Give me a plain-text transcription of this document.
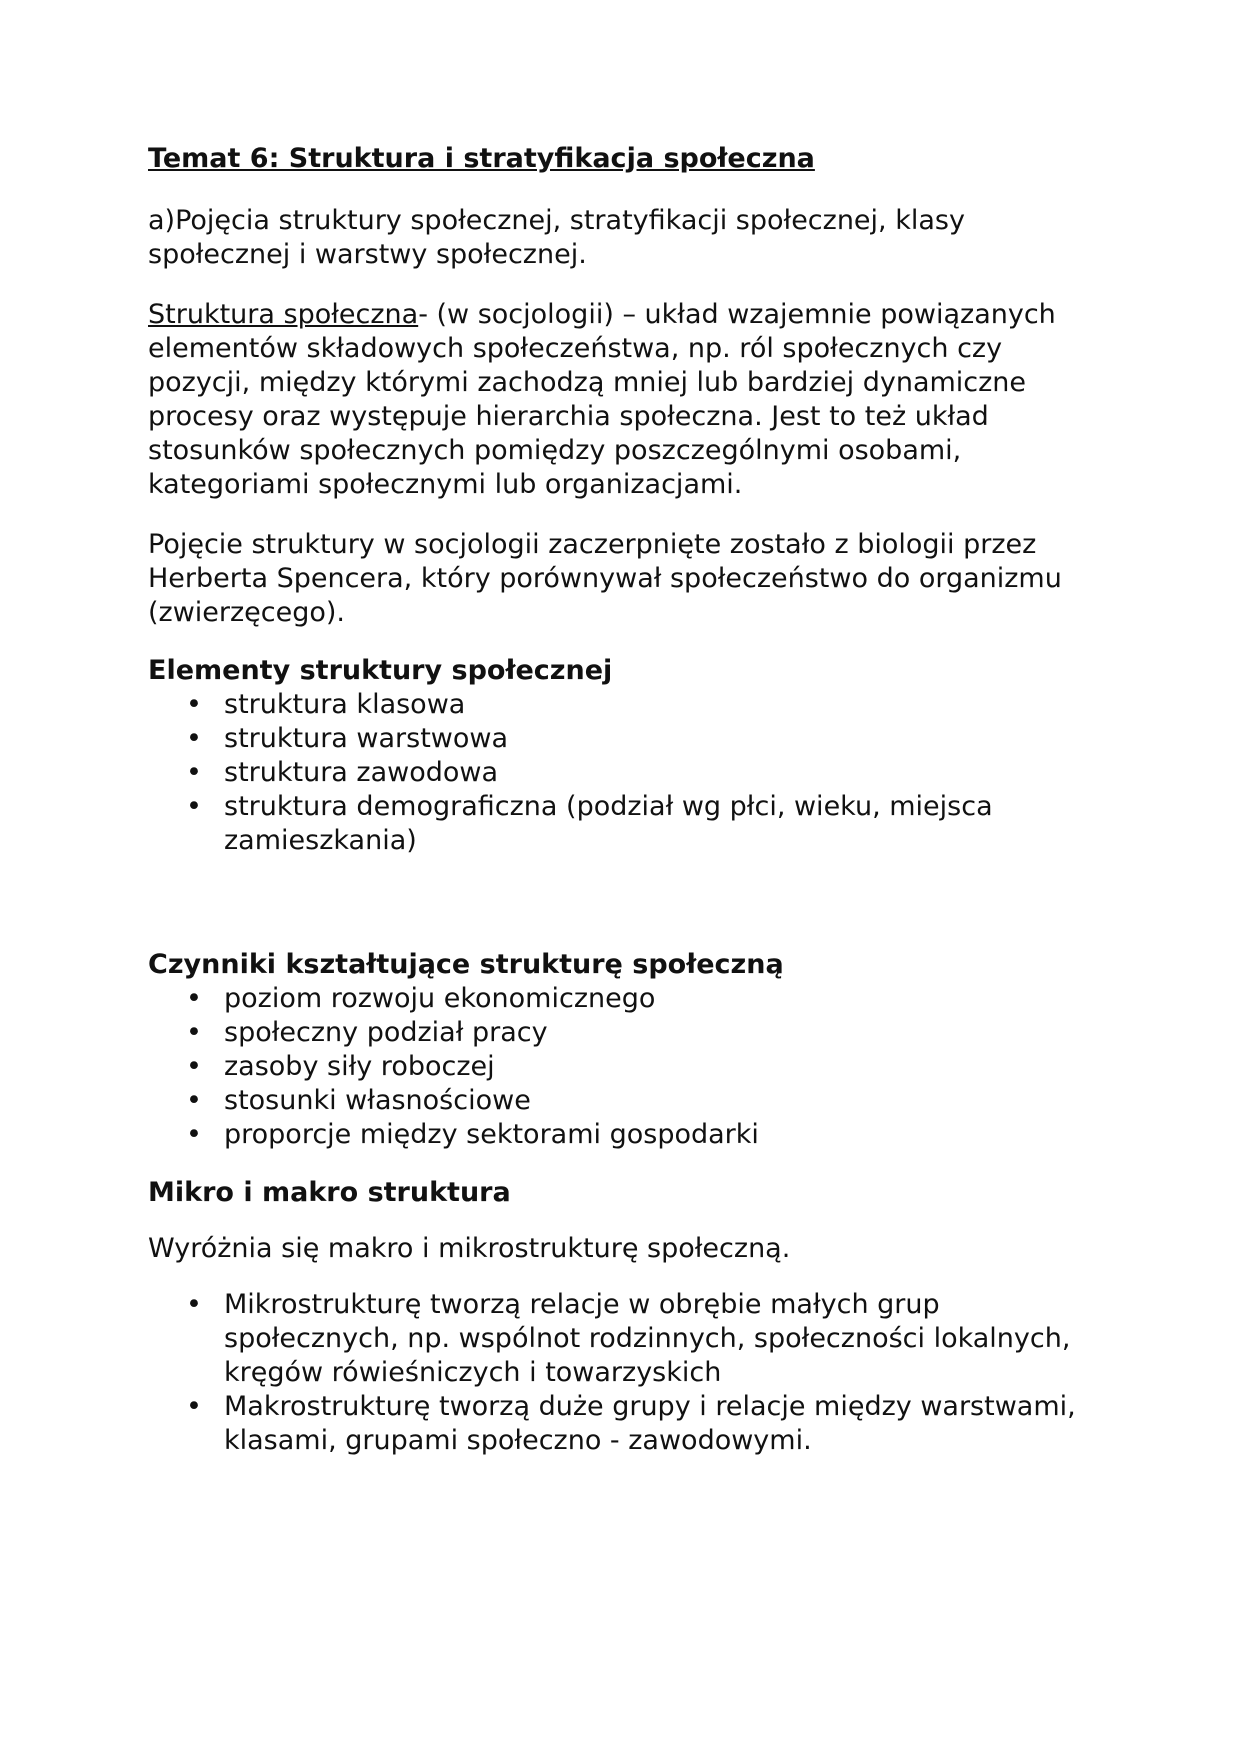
Temat 6: Struktura i stratyfikacja społeczna

a)Pojęcia struktury społecznej, stratyfikacji społecznej, klasy społecznej i warstwy społecznej.

Struktura społeczna- (w socjologii) – układ wzajemnie powiązanych elementów składowych społeczeństwa, np. ról społecznych czy pozycji, między którymi zachodzą mniej lub bardziej dynamiczne procesy oraz występuje hierarchia społeczna. Jest to też układ stosunków społecznych pomiędzy poszczególnymi osobami, kategoriami społecznymi lub organizacjami.

Pojęcie struktury w socjologii zaczerpnięte zostało z biologii przez Herberta Spencera, który porównywał społeczeństwo do organizmu (zwierzęcego).

Elementy struktury społecznej

• struktura klasowa
• struktura warstwowa
• struktura zawodowa
• struktura demograficzna (podział wg płci, wieku, miejsca zamieszkania)

Czynniki kształtujące strukturę społeczną

• poziom rozwoju ekonomicznego
• społeczny podział pracy
• zasoby siły roboczej
• stosunki własnościowe
• proporcje między sektorami gospodarki

Mikro i makro struktura

Wyróżnia się makro i mikrostrukturę społeczną.

• Mikrostrukturę tworzą relacje w obrębie małych grup społecznych, np. wspólnot rodzinnych, społeczności lokalnych, kręgów rówieśniczych i towarzyskich
• Makrostrukturę tworzą duże grupy i relacje między warstwami, klasami, grupami społeczno - zawodowymi.
